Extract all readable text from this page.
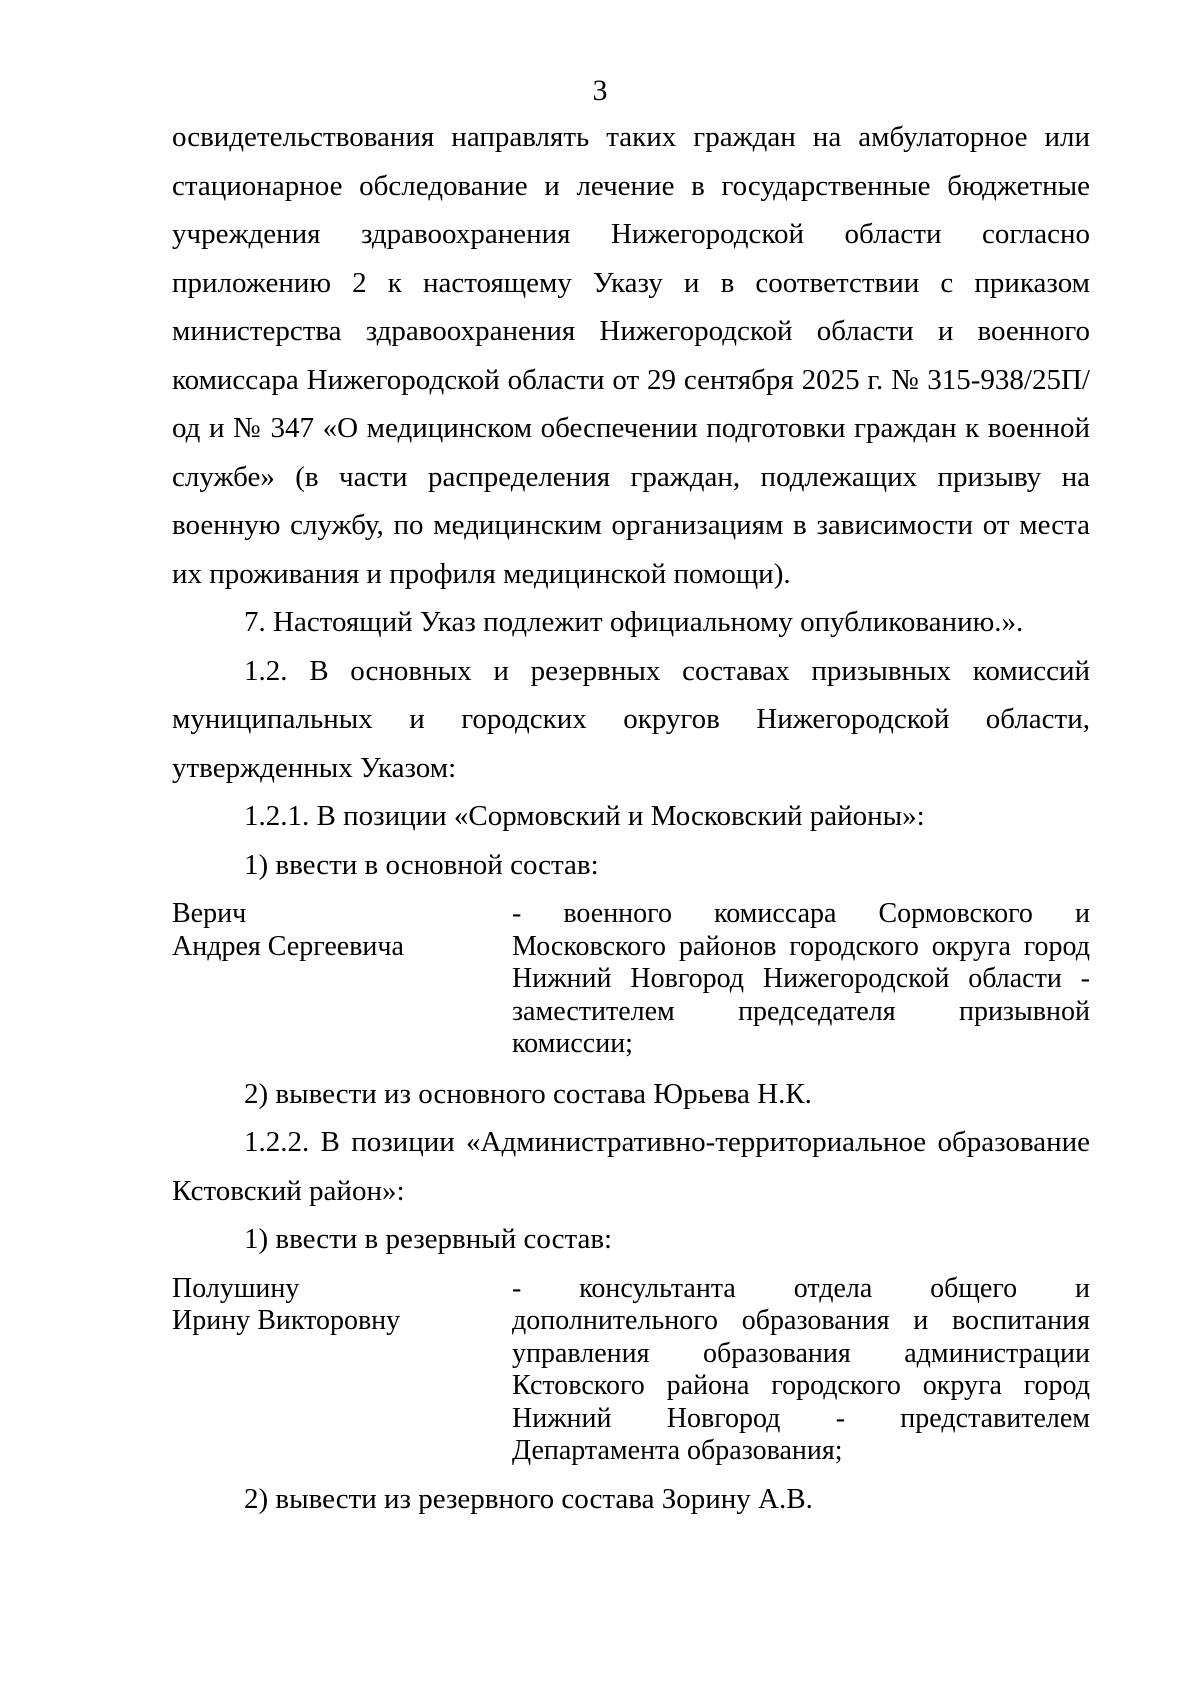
3

освидетельствования направлять таких граждан на амбулаторное или стационарное обследование и лечение в государственные бюджетные учреждения здравоохранения Нижегородской области согласно приложению 2 к настоящему Указу и в соответствии с приказом министерства здравоохранения Нижегородской области и военного комиссара Нижегородской области от 29 сентября 2025 г. № 315-938/25П/од и № 347 «О медицинском обеспечении подготовки граждан к военной службе» (в части распределения граждан, подлежащих призыву на военную службу, по медицинским организациям в зависимости от места их проживания и профиля медицинской помощи).

7. Настоящий Указ подлежит официальному опубликованию.».

1.2. В основных и резервных составах призывных комиссий муниципальных и городских округов Нижегородской области, утвержденных Указом:

1.2.1. В позиции «Сормовский и Московский районы»:

1) ввести в основной состав:

Верич
Андрея Сергеевича
- военного комиссара Сормовского и Московского районов городского округа город Нижний Новгород Нижегородской области - заместителем председателя призывной комиссии;

2) вывести из основного состава Юрьева Н.К.

1.2.2. В позиции «Административно-территориальное образование Кстовский район»:

1) ввести в резервный состав:

Полушину
Ирину Викторовну
- консультанта отдела общего и дополнительного образования и воспитания управления образования администрации Кстовского района городского округа город Нижний Новгород - представителем Департамента образования;

2) вывести из резервного состава Зорину А.В.
